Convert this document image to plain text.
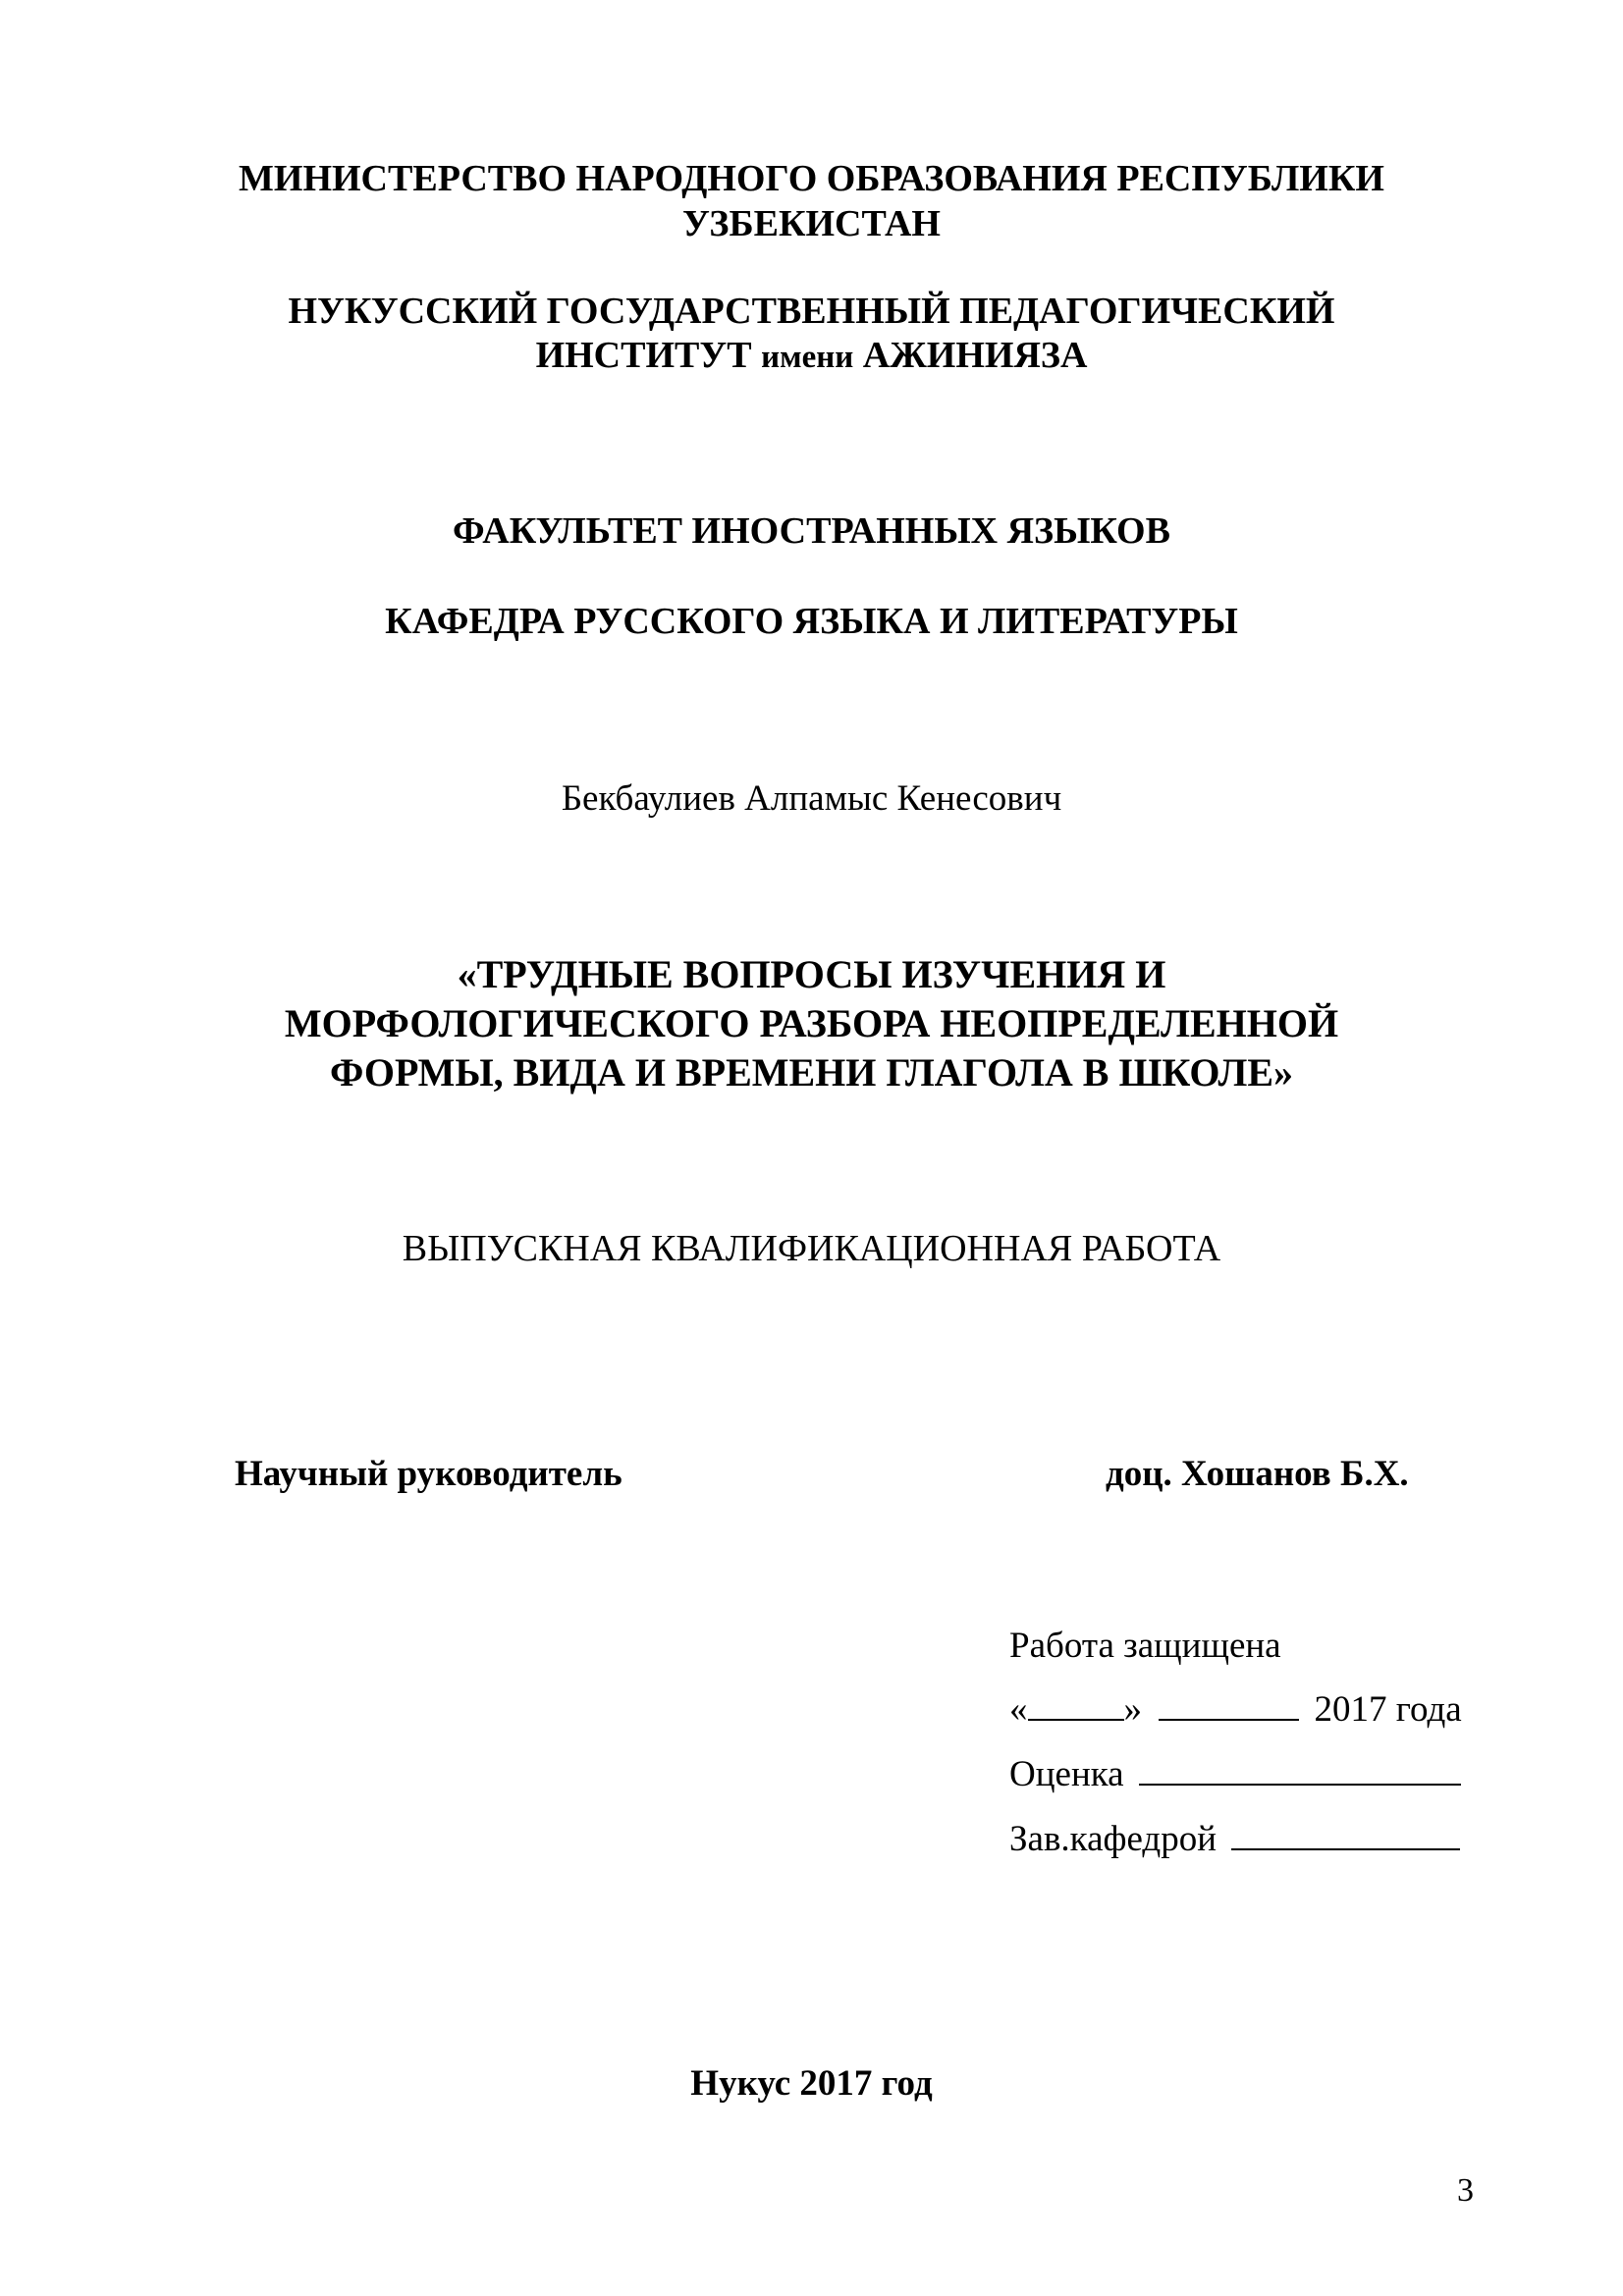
МИНИСТЕРСТВО НАРОДНОГО ОБРАЗОВАНИЯ РЕСПУБЛИКИ
УЗБЕКИСТАН
НУКУССКИЙ ГОСУДАРСТВЕННЫЙ ПЕДАГОГИЧЕСКИЙ
ИНСТИТУТ имени АЖИНИЯЗА
ФАКУЛЬТЕТ ИНОСТРАННЫХ ЯЗЫКОВ
КАФЕДРА РУССКОГО ЯЗЫКА И ЛИТЕРАТУРЫ
Бекбаулиев Алпамыс Кенесович
«ТРУДНЫЕ ВОПРОСЫ ИЗУЧЕНИЯ И
МОРФОЛОГИЧЕСКОГО РАЗБОРА НЕОПРЕДЕЛЕННОЙ
ФОРМЫ, ВИДА И ВРЕМЕНИ ГЛАГОЛА В ШКОЛЕ»
ВЫПУСКНАЯ КВАЛИФИКАЦИОННАЯ РАБОТА
Научный руководитель	доц. Хошанов Б.Х.
Работа защищена
«	»	2017 года
Оценка
Зав.кафедрой
Нукус 2017 год
3
